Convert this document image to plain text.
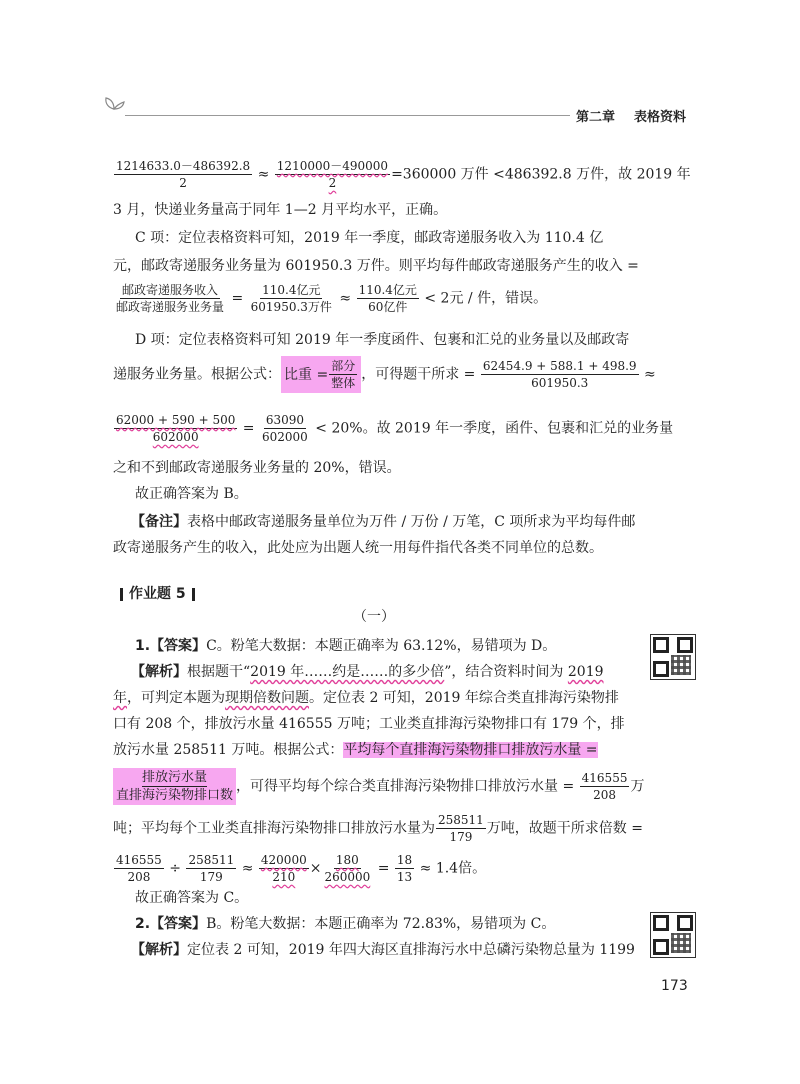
第二章 表格资料
$\frac{1214633.0-486392.8}{2} \approx \frac{1210000-490000}{2} =360000$ 万件 <486392.8 万件，故 2019 年
3 月，快递业务量高于同年 1—2 月平均水平，正确。
C 项：定位表格资料可知，2019 年一季度，邮政寄递服务收入为 110.4 亿
元，邮政寄递服务业务量为 601950.3 万件。则平均每件邮政寄递服务产生的收入 =
$\frac{\text{邮政寄递服务收入}}{\text{邮政寄递服务业务量}} = \frac{\text{110.4亿元}}{\text{601950.3万件}} \approx \frac{\text{110.4亿元}}{\text{60亿件}} < 2$元 / 件，错误。
D 项：定位表格资料可知 2019 年一季度函件、包裹和汇兑的业务量以及邮政寄
递服务业务量。根据公式： 比重 = $\frac{\text{部分}}{\text{整体}}$ ，可得题干所求 = $\frac{62454.9 + 588.1 + 498.9}{601950.3}$ ≈
$\frac{62000 + 590 + 500}{602000} = \frac{63090}{602000} < 20\%$。故 2019 年一季度，函件、包裹和汇兑的业务量
之和不到邮政寄递服务业务量的 20%，错误。
故正确答案为 B。
【备注】表格中邮政寄递服务量单位为万件 / 万份 / 万笔，C 项所求为平均每件邮
政寄递服务产生的收入，此处应为出题人统一用每件指代各类不同单位的总数。
作业题 5
（一）
1.【答案】C。粉笔大数据：本题正确率为 63.12%，易错项为 D。
【解析】根据题干“2019 年……约是……的多少倍”，结合资料时间为 2019
年，可判定本题为现期倍数问题。定位表 2 可知，2019 年综合类直排海污染物排
口有 208 个，排放污水量 416555 万吨；工业类直排海污染物排口有 179 个，排
放污水量 258511 万吨。根据公式：平均每个直排海污染物排口排放污水量 =
排放污水量
直排海污染物排口数
，可得平均每个综合类直排海污染物排口排放污水量 = $\frac{416555}{208}$ 万
吨；平均每个工业类直排海污染物排口排放污水量为 $\frac{258511}{179}$ 万吨，故题干所求倍数 =
$\frac{416555}{208} \div \frac{258511}{179} \approx \frac{420000}{210} \times \frac{180}{260000} = \frac{18}{13} \approx 1.4$倍。
故正确答案为 C。
2.【答案】B。粉笔大数据：本题正确率为 72.83%，易错项为 C。
【解析】定位表 2 可知，2019 年四大海区直排海污水中总磷污染物总量为 1199
173
